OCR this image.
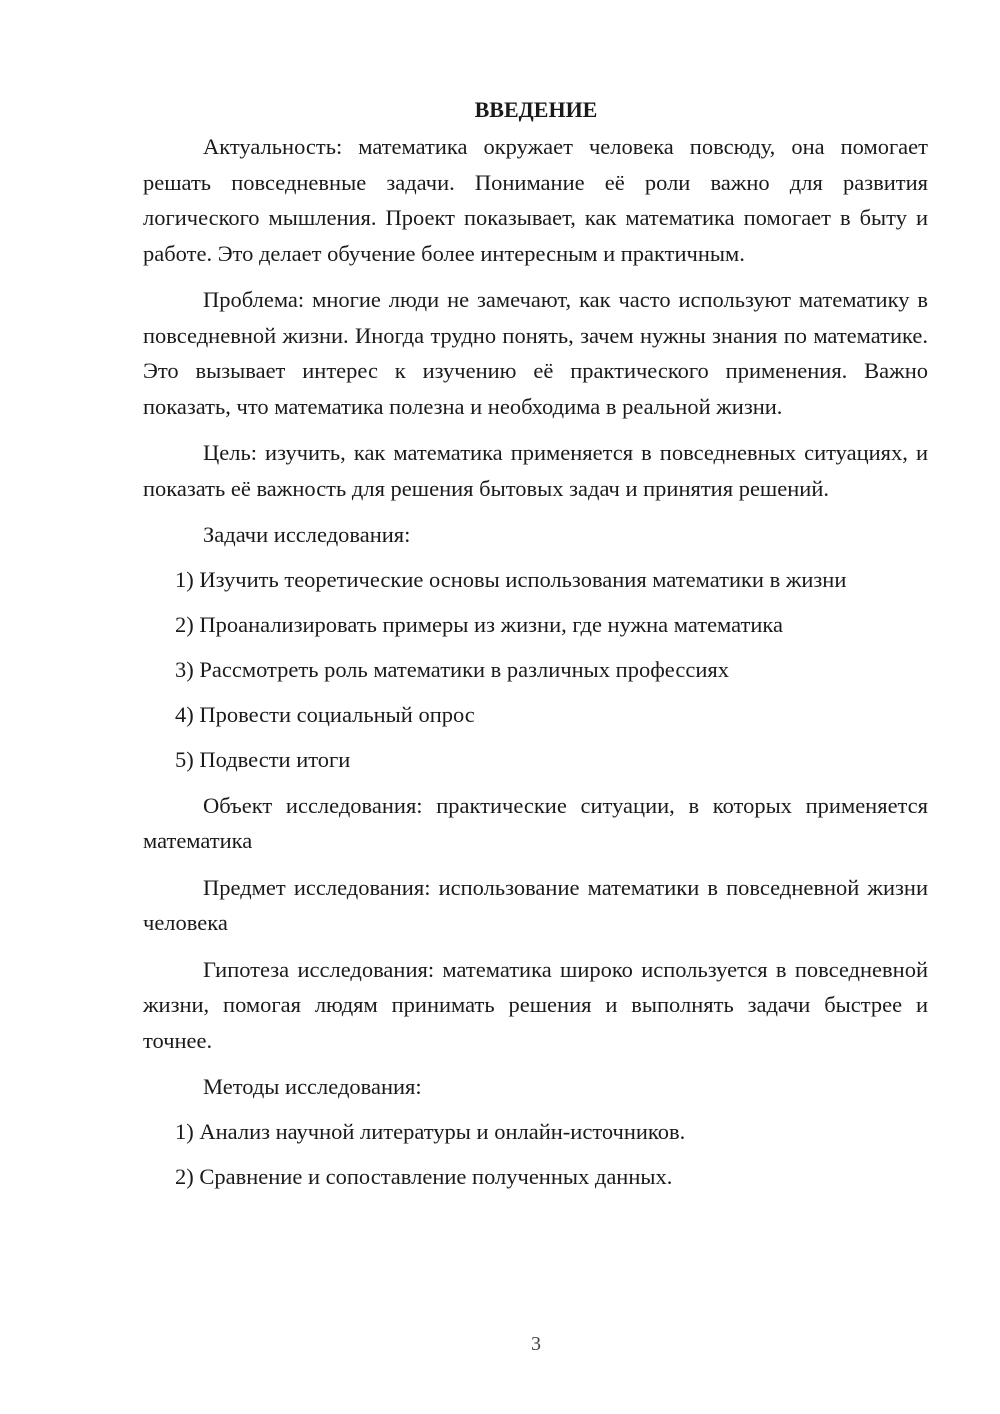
ВВЕДЕНИЕ

Актуальность: математика окружает человека повсюду, она помогает решать повседневные задачи. Понимание её роли важно для развития логического мышления. Проект показывает, как математика помогает в быту и работе. Это делает обучение более интересным и практичным.

Проблема: многие люди не замечают, как часто используют математику в повседневной жизни. Иногда трудно понять, зачем нужны знания по математике. Это вызывает интерес к изучению её практического применения. Важно показать, что математика полезна и необходима в реальной жизни.

Цель: изучить, как математика применяется в повседневных ситуациях, и показать её важность для решения бытовых задач и принятия решений.

Задачи исследования:

1) Изучить теоретические основы использования математики в жизни
2) Проанализировать примеры из жизни, где нужна математика
3) Рассмотреть роль математики в различных профессиях
4) Провести социальный опрос
5) Подвести итоги

Объект исследования: практические ситуации, в которых применяется математика

Предмет исследования: использование математики в повседневной жизни человека

Гипотеза исследования: математика широко используется в повседневной жизни, помогая людям принимать решения и выполнять задачи быстрее и точнее.

Методы исследования:

1) Анализ научной литературы и онлайн-источников.
2) Сравнение и сопоставление полученных данных.
3
